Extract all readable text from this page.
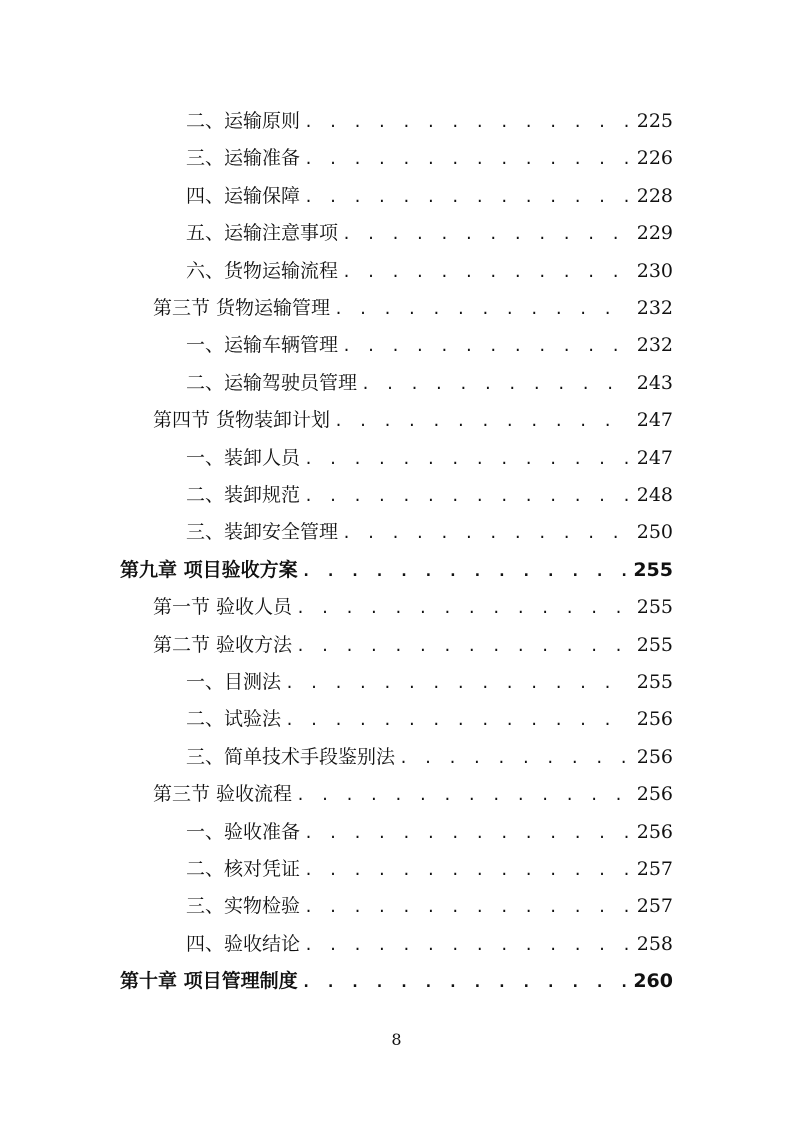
二、运输原则 . . .	225
三、运输准备 . . .	226
四、运输保障 . . .	228
五、运输注意事项 . . .	229
六、货物运输流程 . . .	230
第三节 货物运输管理 . . .	232
一、运输车辆管理 . . .	232
二、运输驾驶员管理 . . .	243
第四节 货物装卸计划 . . .	247
一、装卸人员 . . .	247
二、装卸规范 . . .	248
三、装卸安全管理 . . .	250
第九章 项目验收方案 . . .	255
第一节 验收人员 . . .	255
第二节 验收方法 . . .	255
一、目测法 . . .	255
二、试验法 . . .	256
三、简单技术手段鉴别法 . . .	256
第三节 验收流程 . . .	256
一、验收准备 . . .	256
二、核对凭证 . . .	257
三、实物检验 . . .	257
四、验收结论 . . .	258
第十章 项目管理制度 . . .	260
8
